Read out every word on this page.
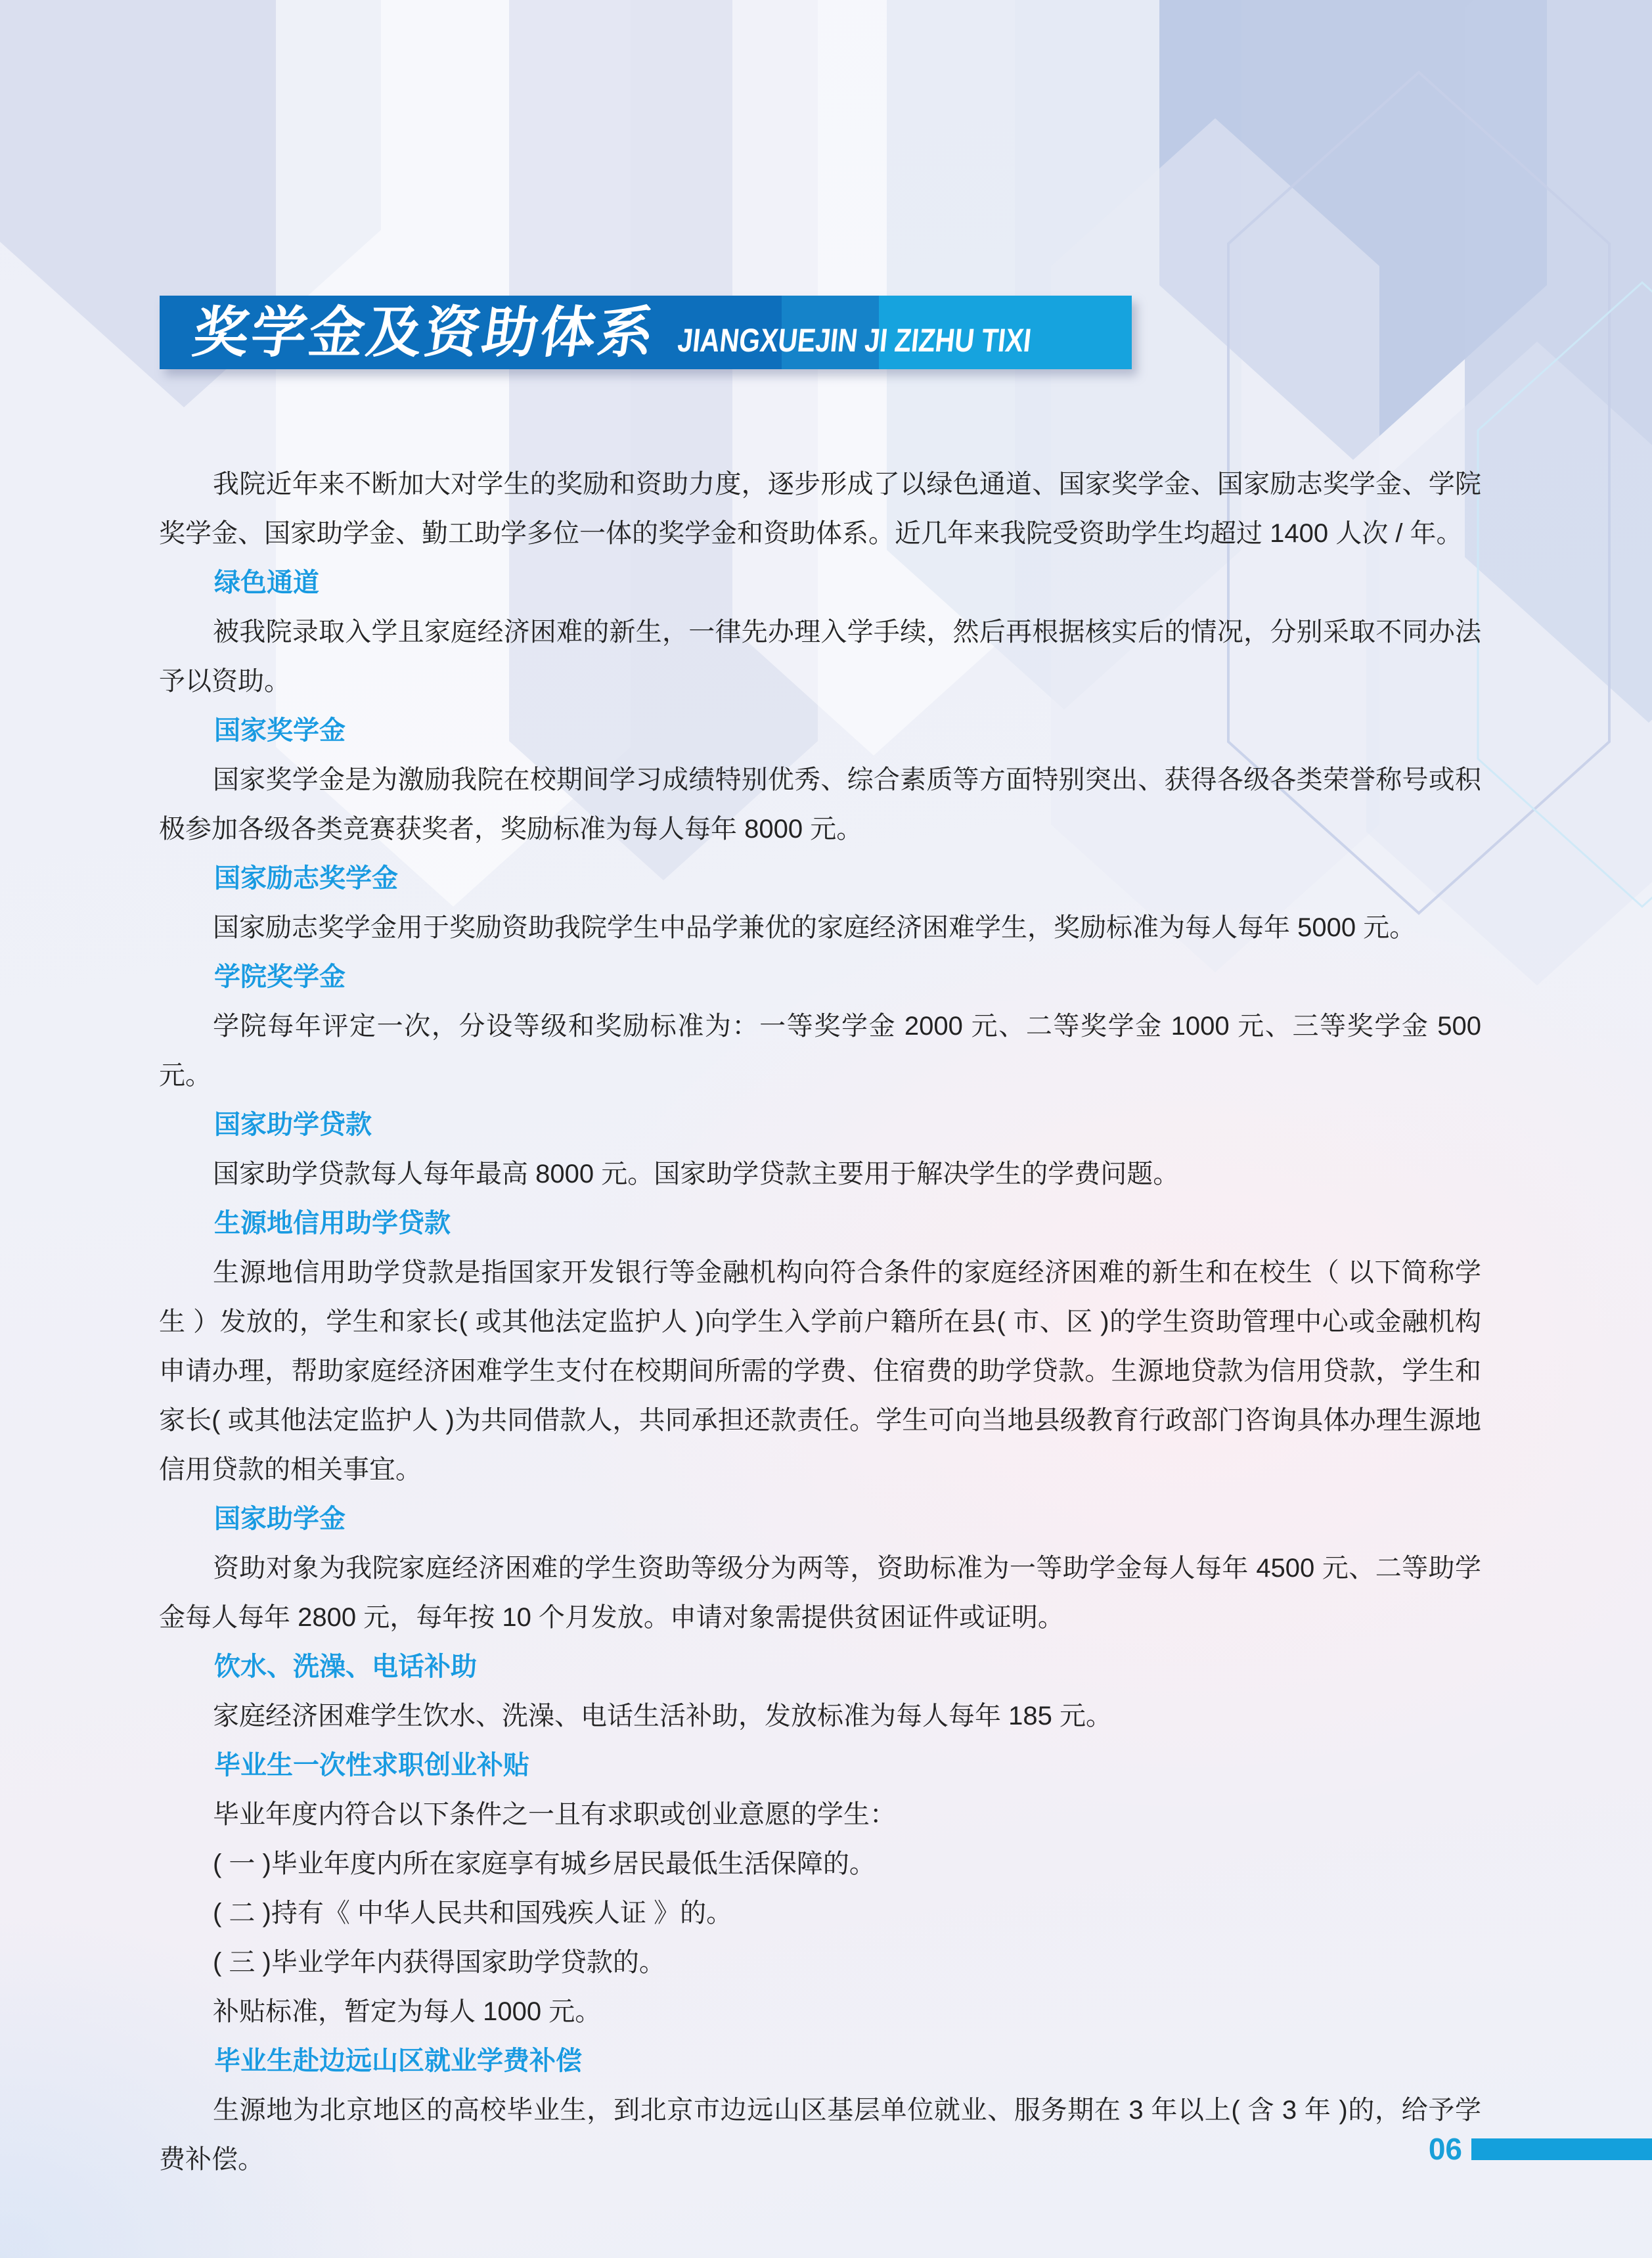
奖学金及资助体系 JIANGXUEJIN JI ZIZHU TIXI
我院近年来不断加大对学生的奖励和资助力度，逐步形成了以绿色通道、国家奖学金、国家励志奖学金、学院奖学金、国家助学金、勤工助学多位一体的奖学金和资助体系。近几年来我院受资助学生均超过 1400 人次 / 年。
绿色通道
被我院录取入学且家庭经济困难的新生，一律先办理入学手续，然后再根据核实后的情况，分别采取不同办法予以资助。
国家奖学金
国家奖学金是为激励我院在校期间学习成绩特别优秀、综合素质等方面特别突出、获得各级各类荣誉称号或积极参加各级各类竞赛获奖者，奖励标准为每人每年 8000 元。
国家励志奖学金
国家励志奖学金用于奖励资助我院学生中品学兼优的家庭经济困难学生，奖励标准为每人每年 5000 元。
学院奖学金
学院每年评定一次，分设等级和奖励标准为：一等奖学金 2000 元、二等奖学金 1000 元、三等奖学金 500 元。
国家助学贷款
国家助学贷款每人每年最高 8000 元。国家助学贷款主要用于解决学生的学费问题。
生源地信用助学贷款
生源地信用助学贷款是指国家开发银行等金融机构向符合条件的家庭经济困难的新生和在校生（ 以下简称学生 ）发放的，学生和家长( 或其他法定监护人 )向学生入学前户籍所在县( 市、区 )的学生资助管理中心或金融机构申请办理，帮助家庭经济困难学生支付在校期间所需的学费、住宿费的助学贷款。生源地贷款为信用贷款，学生和家长( 或其他法定监护人 )为共同借款人，共同承担还款责任。学生可向当地县级教育行政部门咨询具体办理生源地信用贷款的相关事宜。
国家助学金
资助对象为我院家庭经济困难的学生资助等级分为两等，资助标准为一等助学金每人每年 4500 元、二等助学金每人每年 2800 元，每年按 10 个月发放。申请对象需提供贫困证件或证明。
饮水、洗澡、电话补助
家庭经济困难学生饮水、洗澡、电话生活补助，发放标准为每人每年 185 元。
毕业生一次性求职创业补贴
毕业年度内符合以下条件之一且有求职或创业意愿的学生：
( 一 )毕业年度内所在家庭享有城乡居民最低生活保障的。
( 二 )持有《 中华人民共和国残疾人证 》的。
( 三 )毕业学年内获得国家助学贷款的。
补贴标准，暂定为每人 1000 元。
毕业生赴边远山区就业学费补偿
生源地为北京地区的高校毕业生，到北京市边远山区基层单位就业、服务期在 3 年以上( 含 3 年 )的，给予学费补偿。	06
